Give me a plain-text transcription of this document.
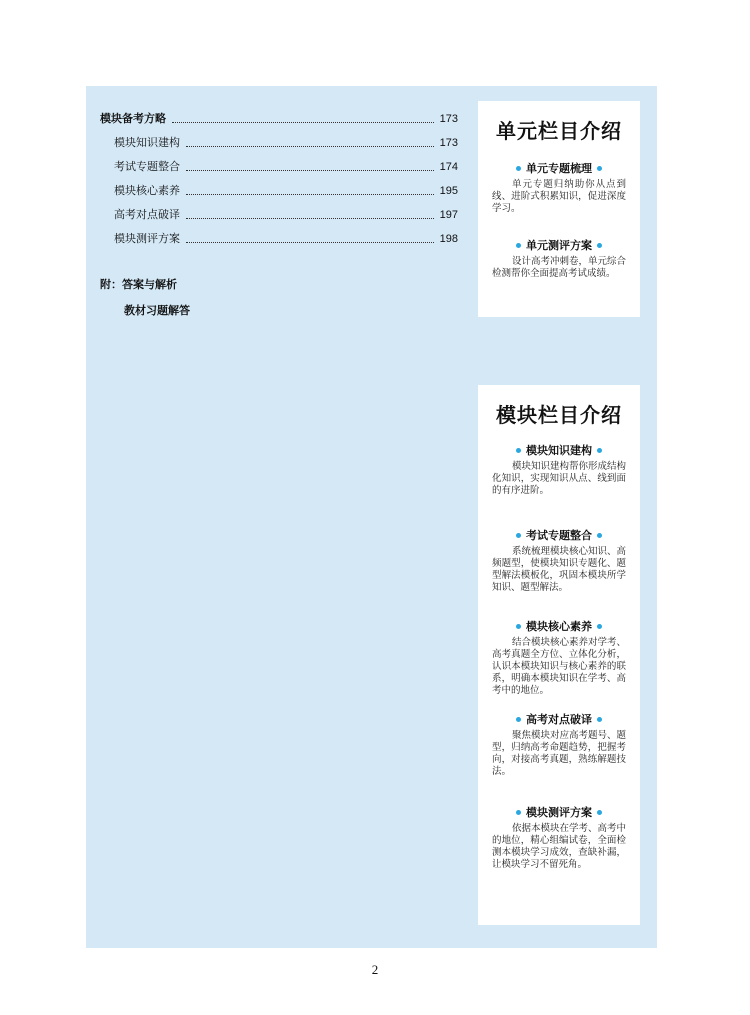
模块备考方略	173
模块知识建构	173
考试专题整合	174
模块核心素养	195
高考对点破译	197
模块测评方案	198
附：答案与解析
教材习题解答
单元栏目介绍
单元专题梳理
单元专题归纳助你从点到线、进阶式积累知识，促进深度学习。
单元测评方案
设计高考冲刺卷，单元综合检测帮你全面提高考试成绩。
模块栏目介绍
模块知识建构
模块知识建构帮你形成结构化知识，实现知识从点、线到面的有序进阶。
考试专题整合
系统梳理模块核心知识、高频题型，使模块知识专题化、题型解法模板化，巩固本模块所学知识、题型解法。
模块核心素养
结合模块核心素养对学考、高考真题全方位、立体化分析，认识本模块知识与核心素养的联系，明确本模块知识在学考、高考中的地位。
高考对点破译
聚焦模块对应高考题号、题型，归纳高考命题趋势，把握考向，对接高考真题，熟练解题技法。
模块测评方案
依据本模块在学考、高考中的地位，精心组编试卷，全面检测本模块学习成效，查缺补漏，让模块学习不留死角。
2
